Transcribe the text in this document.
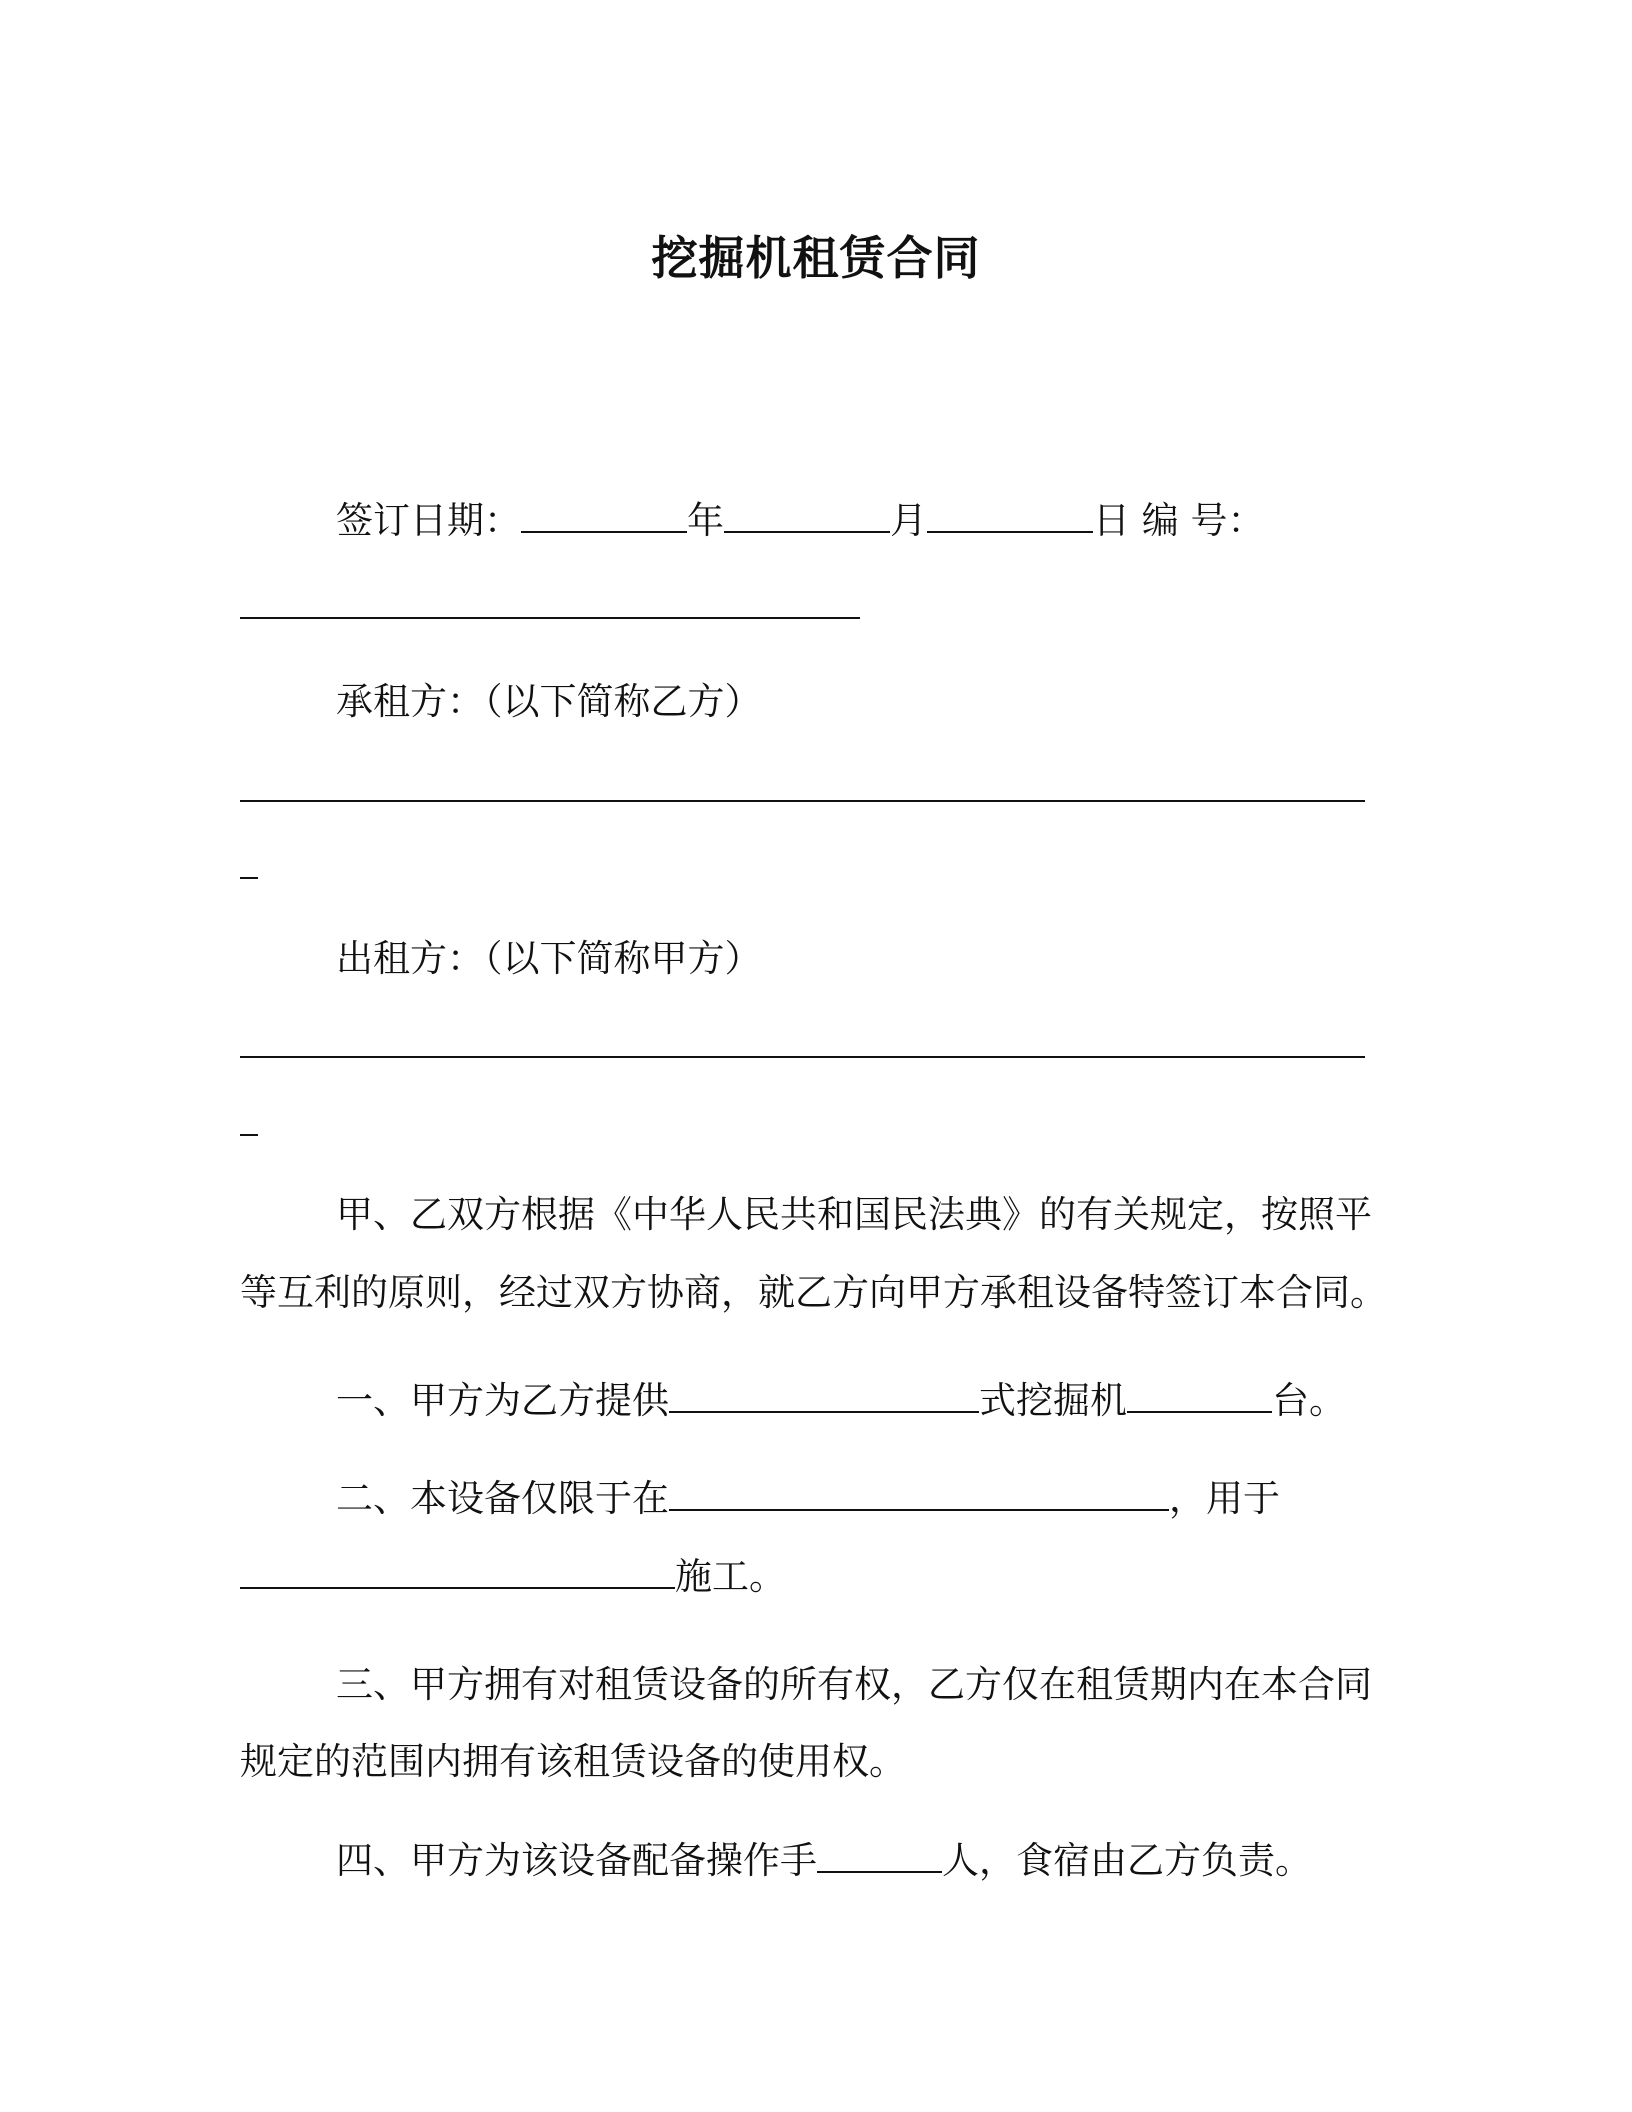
挖掘机租赁合同
签订日期：	年	月	日 编 号：
承租方：（以下简称乙方）
出租方：（以下简称甲方）
甲、乙双方根据《中华人民共和国民法典》的有关规定，按照平
等互利的原则，经过双方协商，就乙方向甲方承租设备特签订本合同。
一、甲方为乙方提供	式挖掘机	台。
二、本设备仅限于在	，用于
施工。
三、甲方拥有对租赁设备的所有权，乙方仅在租赁期内在本合同
规定的范围内拥有该租赁设备的使用权。
四、甲方为该设备配备操作手	人，食宿由乙方负责。
